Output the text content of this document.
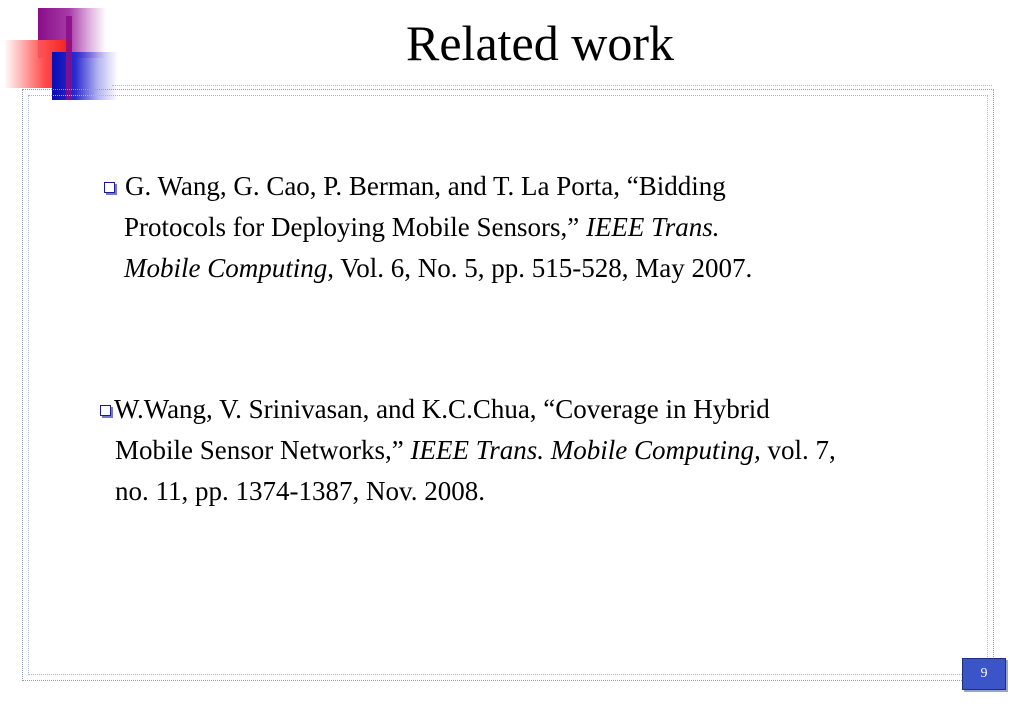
Related work
G. Wang, G. Cao, P. Berman, and T. La Porta, “Bidding
Protocols for Deploying Mobile Sensors,” IEEE Trans.
Mobile Computing, Vol. 6, No. 5, pp. 515-528, May 2007.
W.Wang, V. Srinivasan, and K.C.Chua, “Coverage in Hybrid
Mobile Sensor Networks,” IEEE Trans. Mobile Computing, vol. 7,
no. 11, pp. 1374-1387, Nov. 2008.
9
